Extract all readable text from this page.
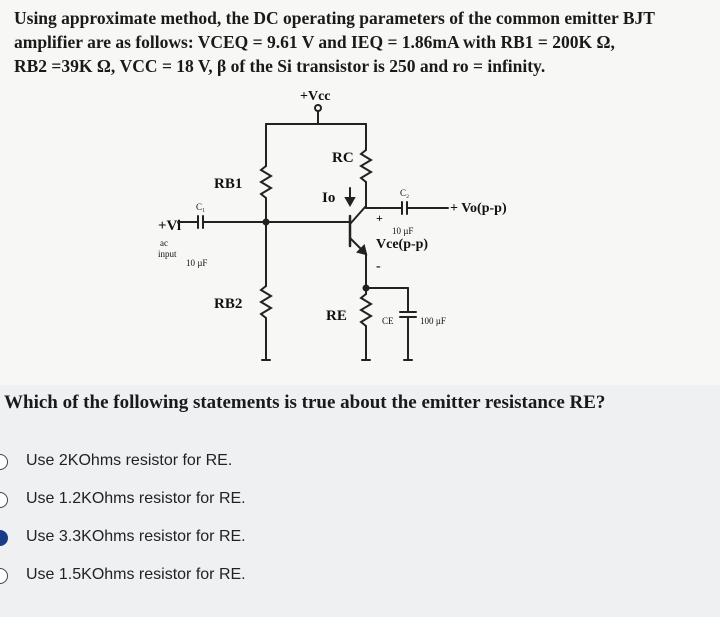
Using approximate method, the DC operating parameters of the common emitter BJT
amplifier are as follows: VCEQ = 9.61 V and IEQ = 1.86mA with RB1 = 200K Ω,
RB2 =39K Ω, VCC = 18 V, β of the Si transistor is 250 and ro = infinity.
+Vcc
RC
RB1
RB2
RE
Io
+Vi
+ Vo(p-p)
Vce(p-p)
+
-
ac
input
C₁
10 µF
C₂
10 µF
CE	100 µF
Which of the following statements is true about the emitter resistance RE?
Use 2KOhms resistor for RE.
Use 1.2KOhms resistor for RE.
Use 3.3KOhms resistor for RE.
Use 1.5KOhms resistor for RE.
